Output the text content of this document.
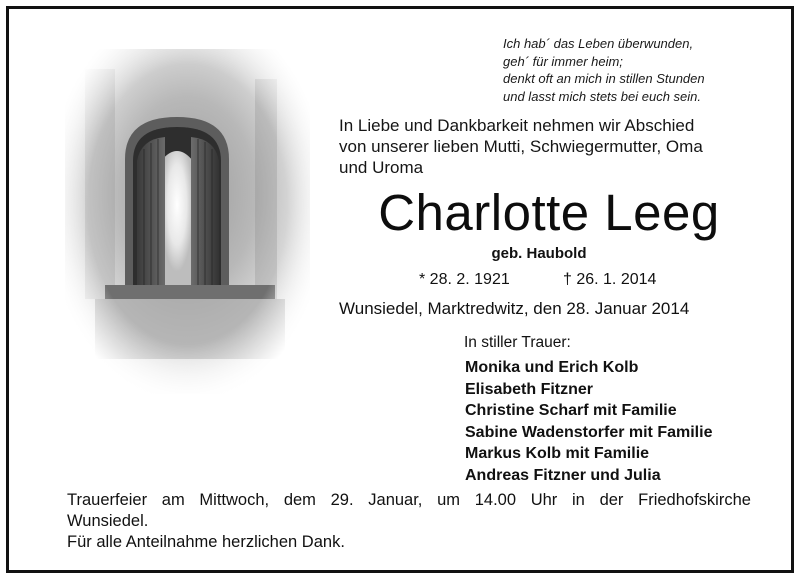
Ich hab´ das Leben überwunden,
geh´ für immer heim;
denkt oft an mich in stillen Stunden
und lasst mich stets bei euch sein.
In Liebe und Dankbarkeit nehmen wir Abschied
von unserer lieben Mutti, Schwiegermutter, Oma
und Uroma
Charlotte Leeg
geb. Haubold
* 28. 2. 1921	† 26. 1. 2014
Wunsiedel, Marktredwitz, den 28. Januar 2014
In stiller Trauer:
Monika und Erich Kolb
Elisabeth Fitzner
Christine Scharf mit Familie
Sabine Wadenstorfer mit Familie
Markus Kolb mit Familie
Andreas Fitzner und Julia
Trauerfeier am Mittwoch, dem 29. Januar, um 14.00 Uhr in der Friedhofskirche
Wunsiedel.
Für alle Anteilnahme herzlichen Dank.
